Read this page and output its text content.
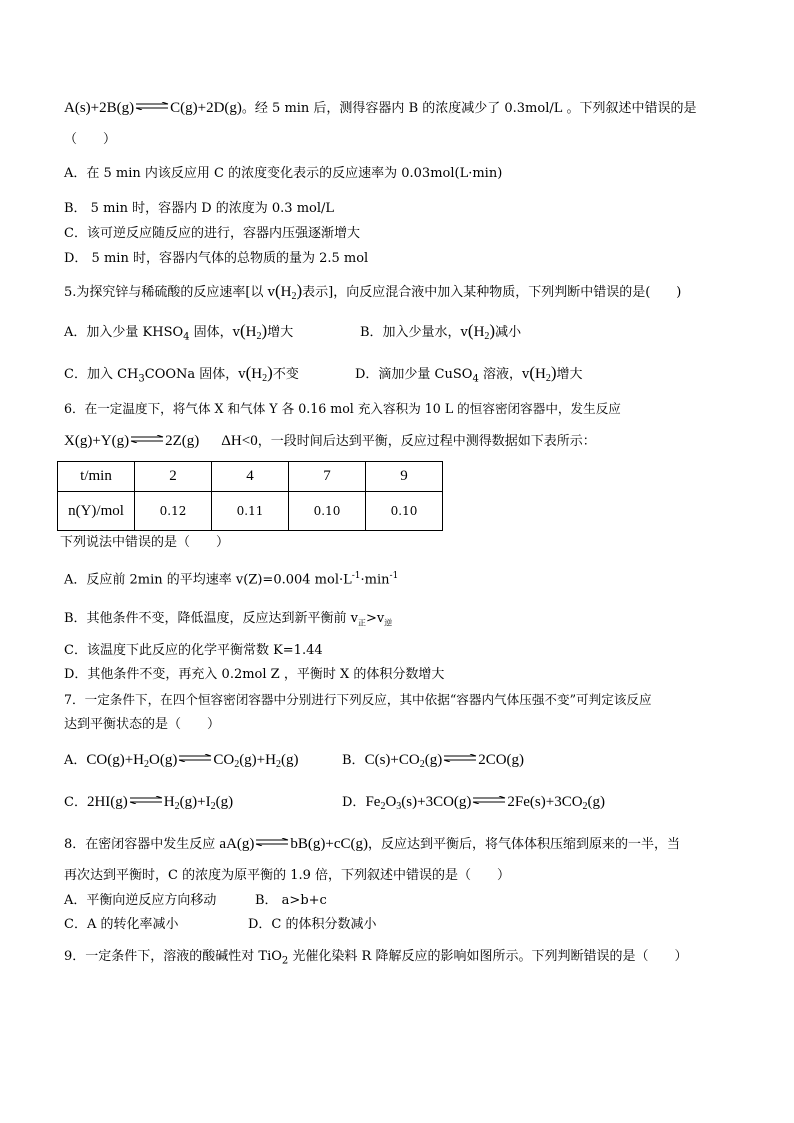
A(s)+2B(g)⇌C(g)+2D(g)。经 5 min 后，测得容器内 B 的浓度减少了 0.3mol/L 。下列叙述中错误的是
（　　）
A．在 5 min 内该反应用 C 的浓度变化表示的反应速率为 0.03mol(L·min)
B． 5 min 时，容器内 D 的浓度为 0.3 mol/L
C．该可逆反应随反应的进行，容器内压强逐渐增大
D． 5 min 时，容器内气体的总物质的量为 2.5 mol
5.为探究锌与稀硫酸的反应速率[以 $v(H_2)$表示]，向反应混合液中加入某种物质，下列判断中错误的是(　　)
A．加入少量 $KHSO_4$ 固体，$v(H_2)$增大	B．加入少量水，$v(H_2)$减小
C．加入 $CH_3COONa$ 固体，$v(H_2)$不变	D．滴加少量 CuSO$_4$ 溶液，$v(H_2)$增大
6．在一定温度下，将气体 X 和气体 Y 各 0.16 mol 充入容积为 10 L 的恒容密闭容器中，发生反应
X(g)+Y(g)⇌2Z(g) ΔH<0，一段时间后达到平衡，反应过程中测得数据如下表所示：
t/min	2	4	7	9
n(Y)/mol	0.12	0.11	0.10	0.10
下列说法中错误的是（　　）
A．反应前 2min 的平均速率 v(Z)=0.004 $mol\cdot L^{-1}\cdot\min^{-1}$
B．其他条件不变，降低温度，反应达到新平衡前 $v_正>v_逆$
C．该温度下此反应的化学平衡常数 K=1.44
D．其他条件不变，再充入 0.2mol Z ，平衡时 X 的体积分数增大
7．一定条件下，在四个恒容密闭容器中分别进行下列反应，其中依据“容器内气体压强不变”可判定该反应
达到平衡状态的是（　　）
A．$CO(g)+H_2O(g)\rightleftharpoons CO_2(g)+H_2(g)$	B．$C(s)+CO_2(g)\rightleftharpoons 2CO(g)$
C．$2HI(g)\rightleftharpoons H_2(g)+I_2(g)$	D．$Fe_2O_3(s)+3CO(g)\rightleftharpoons 2Fe(s)+3CO_2(g)$
8．在密闭容器中发生反应 aA(g)⇌bB(g)+cC(g)，反应达到平衡后，将气体体积压缩到原来的一半，当
再次达到平衡时，C 的浓度为原平衡的 1.9 倍，下列叙述中错误的是（　　）
A．平衡向逆反应方向移动	B． a>b+c
C．A 的转化率减小	D．C 的体积分数减小
9．一定条件下，溶液的酸碱性对 TiO$_2$ 光催化染料 R 降解反应的影响如图所示。下列判断错误的是（　　）
